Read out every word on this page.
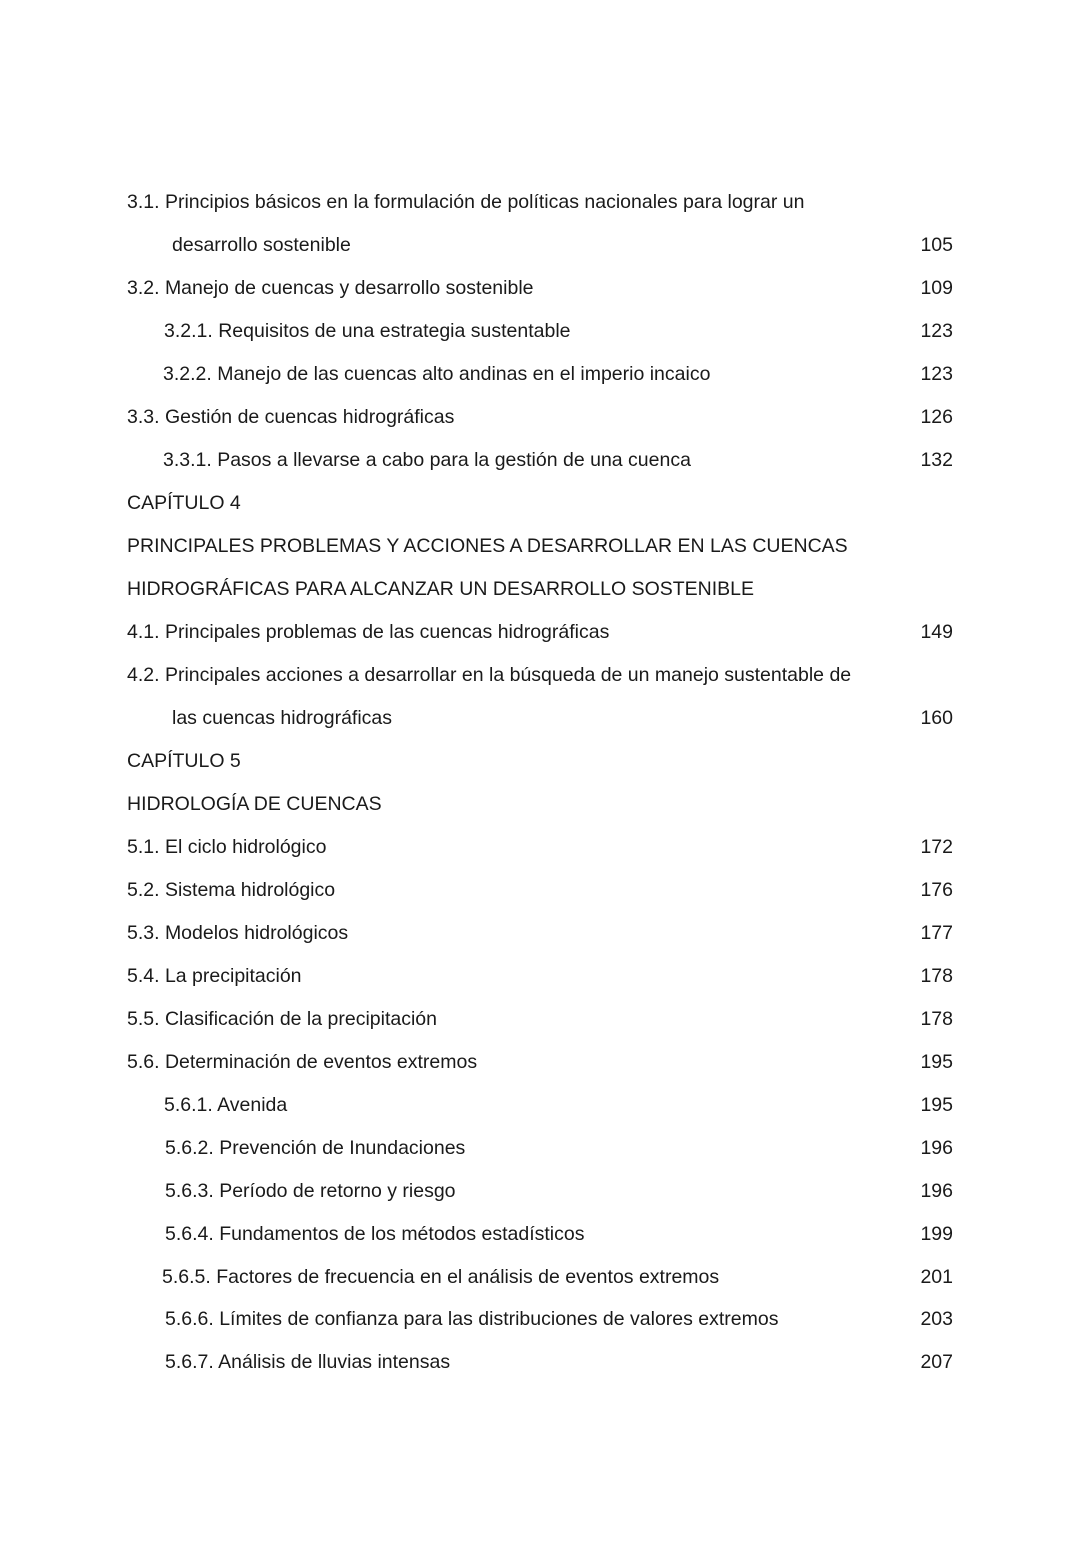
3.1. Principios básicos en la formulación de políticas nacionales para lograr un
desarrollo sostenible	105
3.2. Manejo de cuencas y desarrollo sostenible	109
3.2.1. Requisitos de una estrategia sustentable	123
3.2.2. Manejo de las cuencas alto andinas en el imperio incaico	123
3.3. Gestión de cuencas hidrográficas	126
3.3.1. Pasos a llevarse a cabo para la gestión de una cuenca	132
CAPÍTULO 4
PRINCIPALES PROBLEMAS Y ACCIONES A DESARROLLAR EN LAS CUENCAS
HIDROGRÁFICAS PARA ALCANZAR UN DESARROLLO SOSTENIBLE
4.1. Principales problemas de las cuencas hidrográficas	149
4.2. Principales acciones a desarrollar en la búsqueda de un manejo sustentable de
las cuencas hidrográficas	160
CAPÍTULO 5
HIDROLOGÍA DE CUENCAS
5.1. El ciclo hidrológico	172
5.2. Sistema hidrológico	176
5.3. Modelos hidrológicos	177
5.4. La precipitación	178
5.5. Clasificación de la precipitación	178
5.6. Determinación de eventos extremos	195
5.6.1. Avenida	195
5.6.2. Prevención de Inundaciones	196
5.6.3. Período de retorno y riesgo	196
5.6.4. Fundamentos de los métodos estadísticos	199
5.6.5. Factores de frecuencia en el análisis de eventos extremos	201
5.6.6. Límites de confianza para las distribuciones de valores extremos	203
5.6.7. Análisis de lluvias intensas	207
